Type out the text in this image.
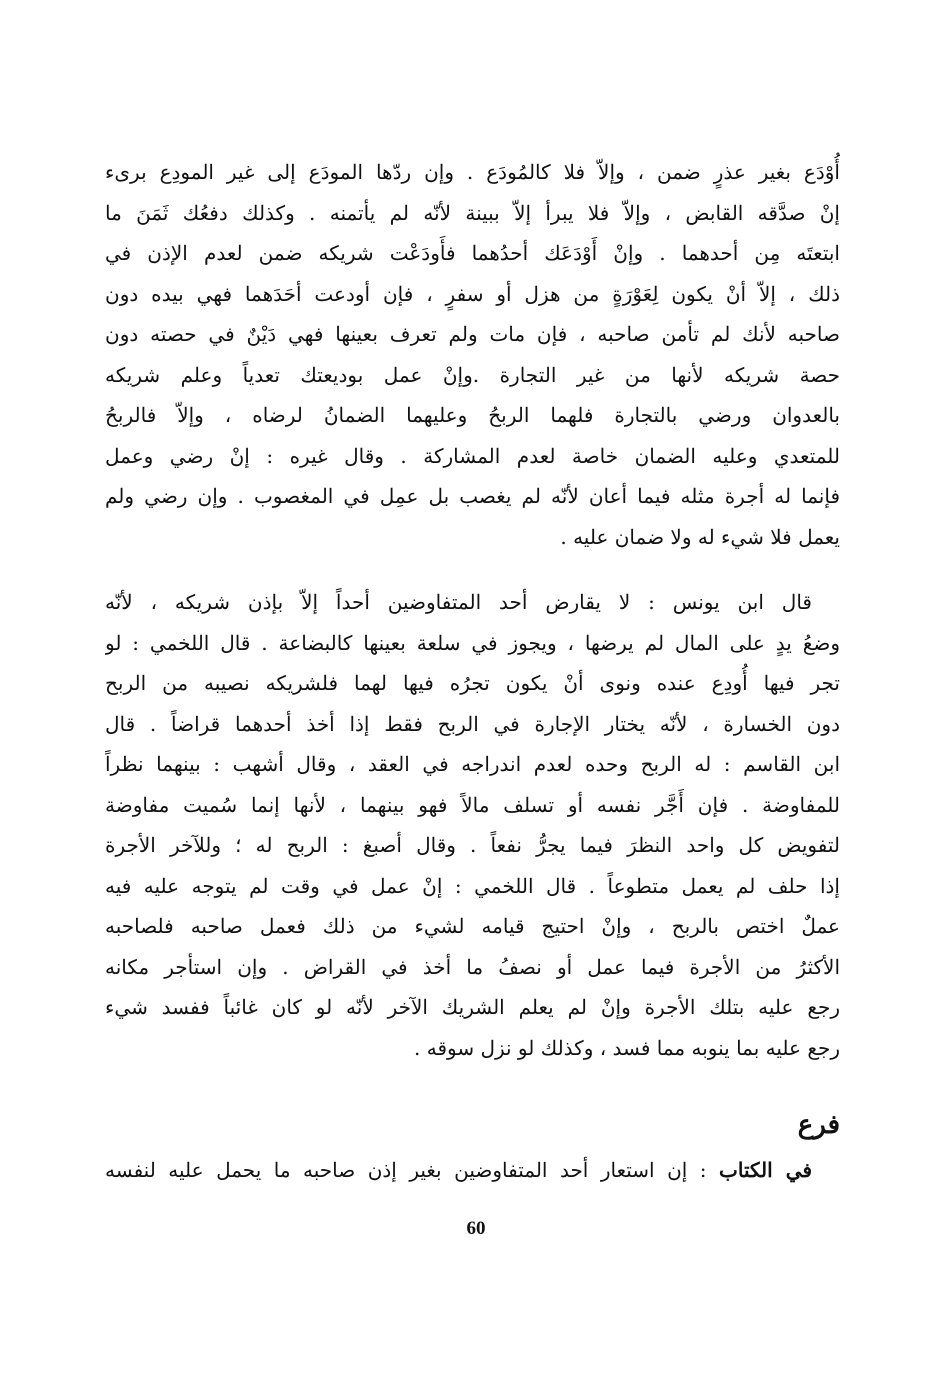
أُوْدَع بغير عذرٍ ضمن ، وإلاّ فلا كالمُودَع . وإن ردّها المودَع إلى غير المودِع برىء
إنْ صدَّقه القابض ، وإلاّ فلا يبرأ إلاّ ببينة لأنّه لم يأتمنه . وكذلك دفعُك ثَمَنَ ما
ابتعتَه مِن أحدهما . وإنْ أَوْدَعَك أحدُهما فأَودَعْت شريكه ضمن لعدم الإذن في
ذلك ، إلاّ أنْ يكون لِعَوْرَةٍ من هزل أو سفرٍ ، فإن أودعت أحَدَهما فهي بيده دون
صاحبه لأنك لم تأمن صاحبه ، فإن مات ولم تعرف بعينها فهي دَيْنٌ في حصته دون
حصة شريكه لأنها من غير التجارة .وإنْ عمل بوديعتك تعدياً وعلم شريكه
بالعدوان ورضي بالتجارة فلهما الربحُ وعليهما الضمانُ لرضاه ، وإلاّ فالربحُ
للمتعدي وعليه الضمان خاصة لعدم المشاركة . وقال غيره : إنْ رضي وعمل
فإنما له أجرة مثله فيما أعان لأنّه لم يغصب بل عمِل في المغصوب . وإن رضي ولم
يعمل فلا شيء له ولا ضمان عليه .
قال ابن يونس : لا يقارض أحد المتفاوضين أحداً إلاّ بإذن شريكه ، لأنّه
وضعُ يدٍ على المال لم يرضها ، ويجوز في سلعة بعينها كالبضاعة . قال اللخمي : لو
تجر فيها أُودِع عنده ونوى أنْ يكون تجرُه فيها لهما فلشريكه نصيبه من الربح
دون الخسارة ، لأنّه يختار الإجارة في الربح فقط إذا أخذ أحدهما قراضاً . قال
ابن القاسم : له الربح وحده لعدم اندراجه في العقد ، وقال أشهب : بينهما نظراً
للمفاوضة . فإن أَجَّر نفسه أو تسلف مالاً فهو بينهما ، لأنها إنما سُميت مفاوضة
لتفويض كل واحد النظرَ فيما يجرُّ نفعاً . وقال أصبغ : الربح له ؛ وللآخر الأجرة
إذا حلف لم يعمل متطوعاً . قال اللخمي : إنْ عمل في وقت لم يتوجه عليه فيه
عملٌ اختص بالربح ، وإنْ احتيج قيامه لشيء من ذلك فعمل صاحبه فلصاحبه
الأكثرُ من الأجرة فيما عمل أو نصفُ ما أخذ في القراض . وإن استأجر مكانه
رجع عليه بتلك الأجرة وإنْ لم يعلم الشريك الآخر لأنّه لو كان غائباً ففسد شيء
رجع عليه بما ينوبه مما فسد ، وكذلك لو نزل سوقه .
فرع
في الكتاب : إن استعار أحد المتفاوضين بغير إذن صاحبه ما يحمل عليه لنفسه
60
